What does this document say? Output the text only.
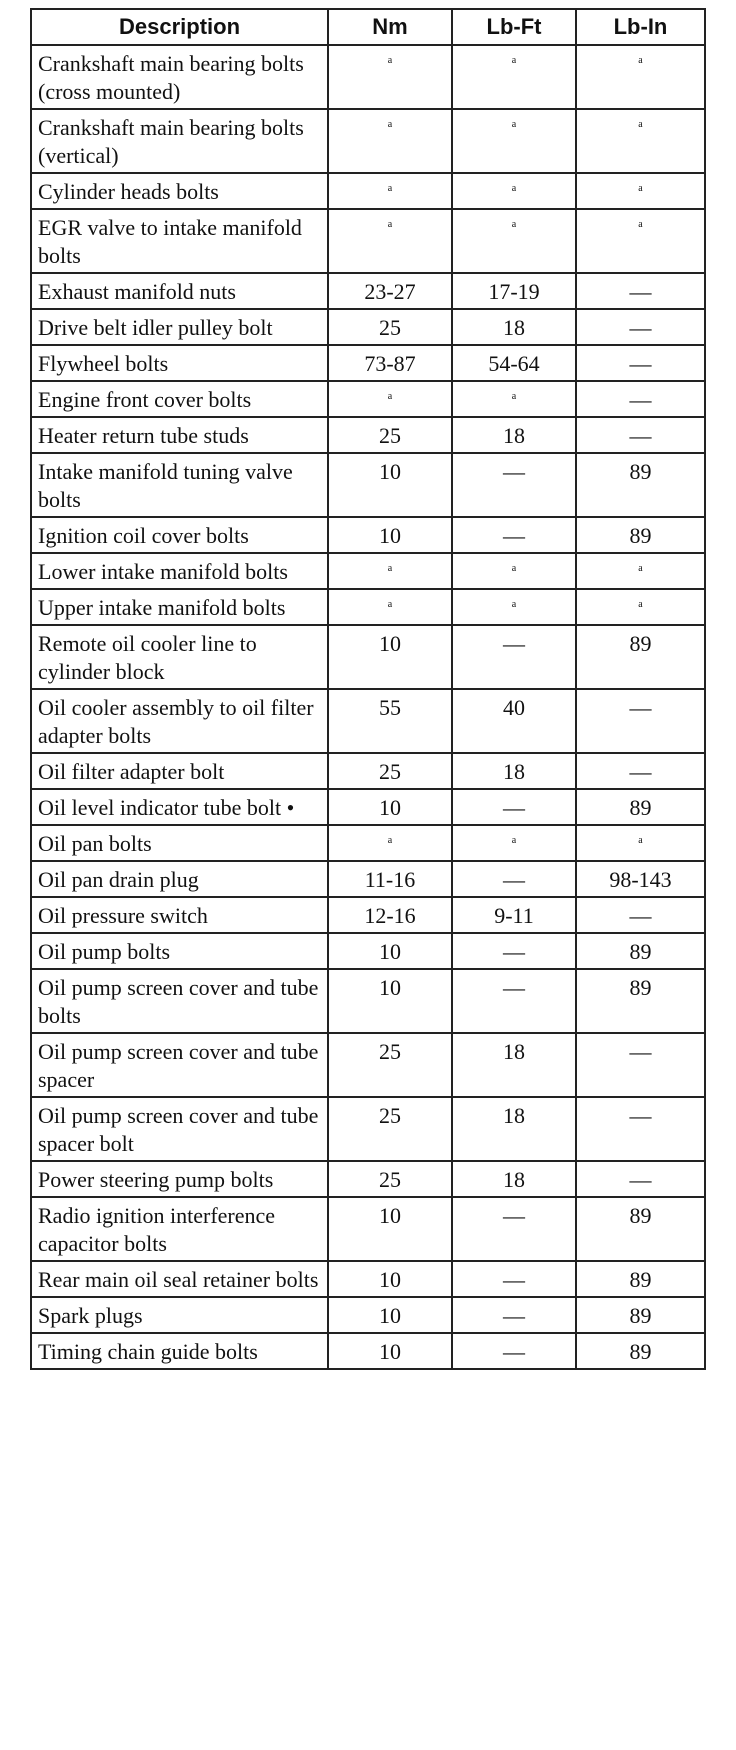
Description	Nm	Lb-Ft	Lb-In
Crankshaft main bearing bolts (cross mounted)	a	a	a
Crankshaft main bearing bolts (vertical)	a	a	a
Cylinder heads bolts	a	a	a
EGR valve to intake manifold bolts	a	a	a
Exhaust manifold nuts	23-27	17-19	—
Drive belt idler pulley bolt	25	18	—
Flywheel bolts	73-87	54-64	—
Engine front cover bolts	a	a	—
Heater return tube studs	25	18	—
Intake manifold tuning valve bolts	10	—	89
Ignition coil cover bolts	10	—	89
Lower intake manifold bolts	a	a	a
Upper intake manifold bolts	a	a	a
Remote oil cooler line to cylinder block	10	—	89
Oil cooler assembly to oil filter adapter bolts	55	40	—
Oil filter adapter bolt	25	18	—
Oil level indicator tube bolt •	10	—	89
Oil pan bolts	a	a	a
Oil pan drain plug	11-16	—	98-143
Oil pressure switch	12-16	9-11	—
Oil pump bolts	10	—	89
Oil pump screen cover and tube bolts	10	—	89
Oil pump screen cover and tube spacer	25	18	—
Oil pump screen cover and tube spacer bolt	25	18	—
Power steering pump bolts	25	18	—
Radio ignition interference capacitor bolts	10	—	89
Rear main oil seal retainer bolts	10	—	89
Spark plugs	10	—	89
Timing chain guide bolts	10	—	89
